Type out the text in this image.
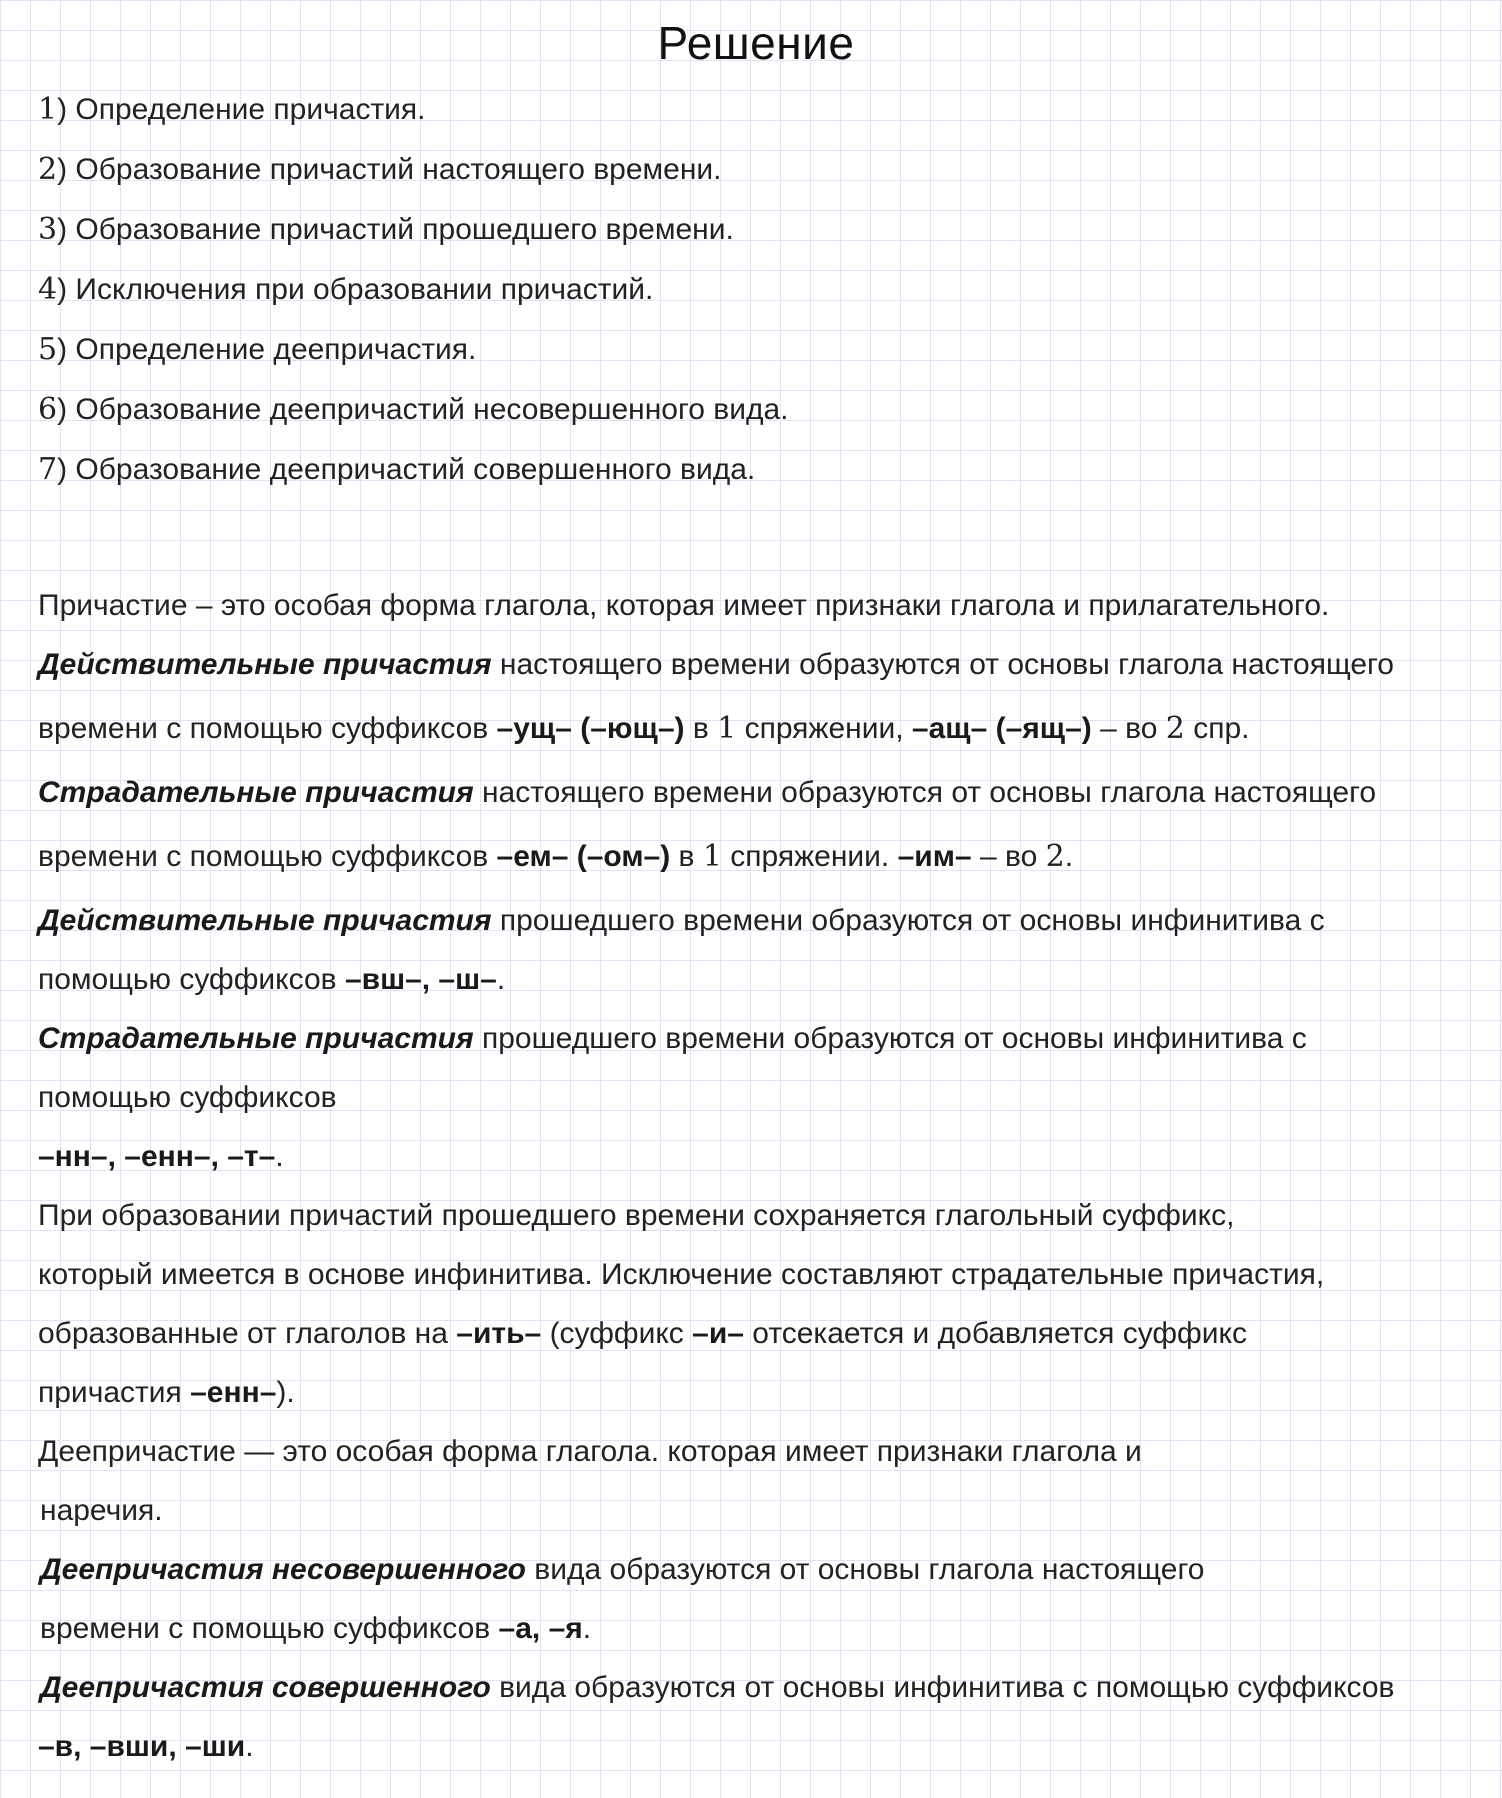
Решение
1) Определение причастия.
2) Образование причастий настоящего времени.
3) Образование причастий прошедшего времени.
4) Исключения при образовании причастий.
5) Определение деепричастия.
6) Образование деепричастий несовершенного вида.
7) Образование деепричастий совершенного вида.
Причастие – это особая форма глагола, которая имеет признаки глагола и прилагательного.
Действительные причастия настоящего времени образуются от основы глагола настоящего
времени с помощью суффиксов –ущ– (–ющ–) в 1 спряжении, –ащ– (–ящ–) – во 2 спр.
Страдательные причастия настоящего времени образуются от основы глагола настоящего
времени с помощью суффиксов –ем– (–ом–) в 1 спряжении. –им– – во 2.
Действительные причастия прошедшего времени образуются от основы инфинитива с
помощью суффиксов –вш–, –ш–.
Страдательные причастия прошедшего времени образуются от основы инфинитива с
помощью суффиксов
–нн–, –енн–, –т–.
При образовании причастий прошедшего времени сохраняется глагольный суффикс,
который имеется в основе инфинитива. Исключение составляют страдательные причастия,
образованные от глаголов на –ить– (суффикс –и– отсекается и добавляется суффикс
причастия –енн–).
Деепричастие — это особая форма глагола. которая имеет признаки глагола и
наречия.
Деепричастия несовершенного вида образуются от основы глагола настоящего
времени с помощью суффиксов –а, –я.
Деепричастия совершенного вида образуются от основы инфинитива с помощью суффиксов
–в, –вши, –ши.
